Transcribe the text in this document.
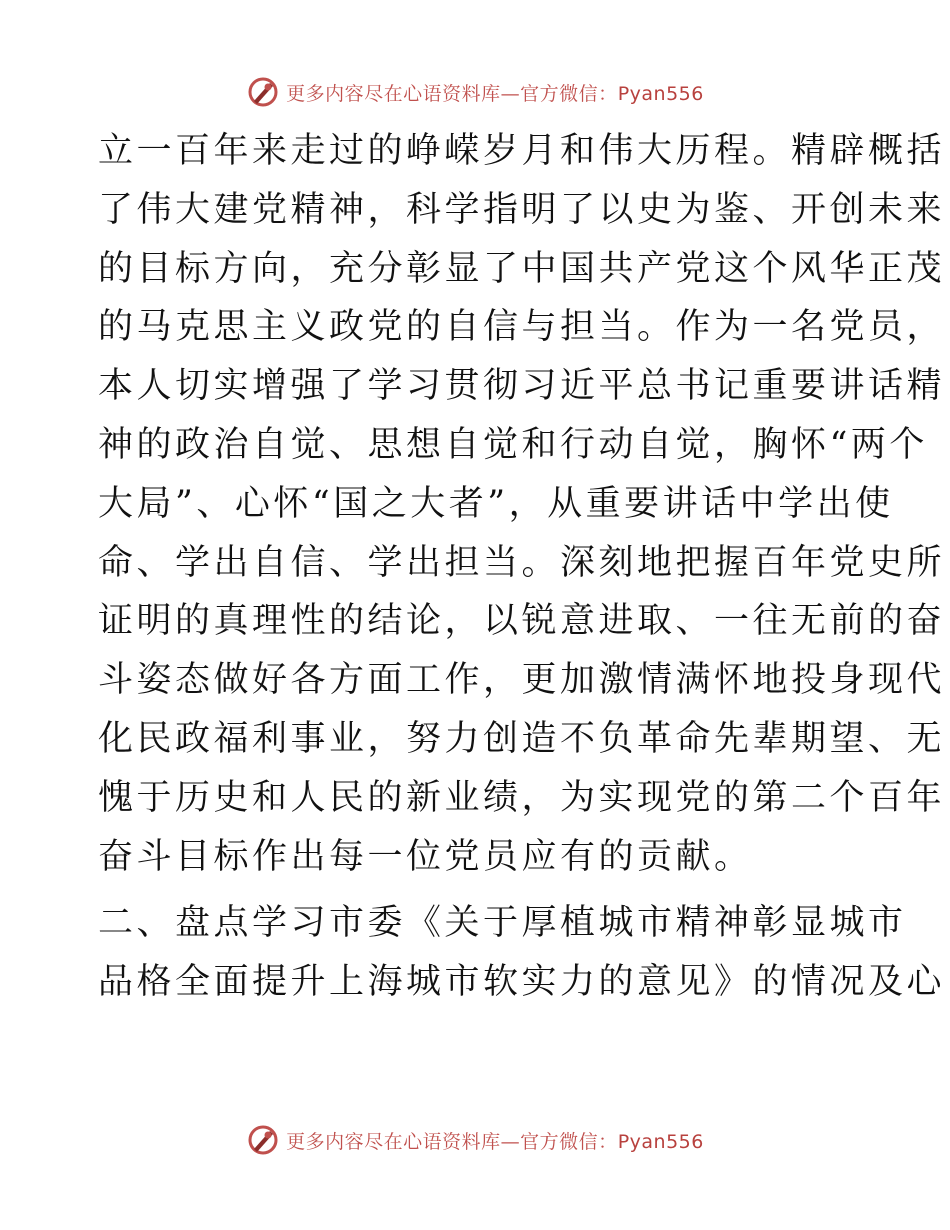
更多内容尽在心语资料库—官方微信：Pyan556
立一百年来走过的峥嵘岁月和伟大历程。精辟概括
了伟大建党精神，科学指明了以史为鉴、开创未来
的目标方向，充分彰显了中国共产党这个风华正茂
的马克思主义政党的自信与担当。作为一名党员，
本人切实增强了学习贯彻习近平总书记重要讲话精
神的政治自觉、思想自觉和行动自觉，胸怀“两个
大局”、心怀“国之大者”，从重要讲话中学出使
命、学出自信、学出担当。深刻地把握百年党史所
证明的真理性的结论，以锐意进取、一往无前的奋
斗姿态做好各方面工作，更加激情满怀地投身现代
化民政福利事业，努力创造不负革命先辈期望、无
愧于历史和人民的新业绩，为实现党的第二个百年
奋斗目标作出每一位党员应有的贡献。
二、盘点学习市委《关于厚植城市精神彰显城市
品格全面提升上海城市软实力的意见》的情况及心
更多内容尽在心语资料库—官方微信：Pyan556
